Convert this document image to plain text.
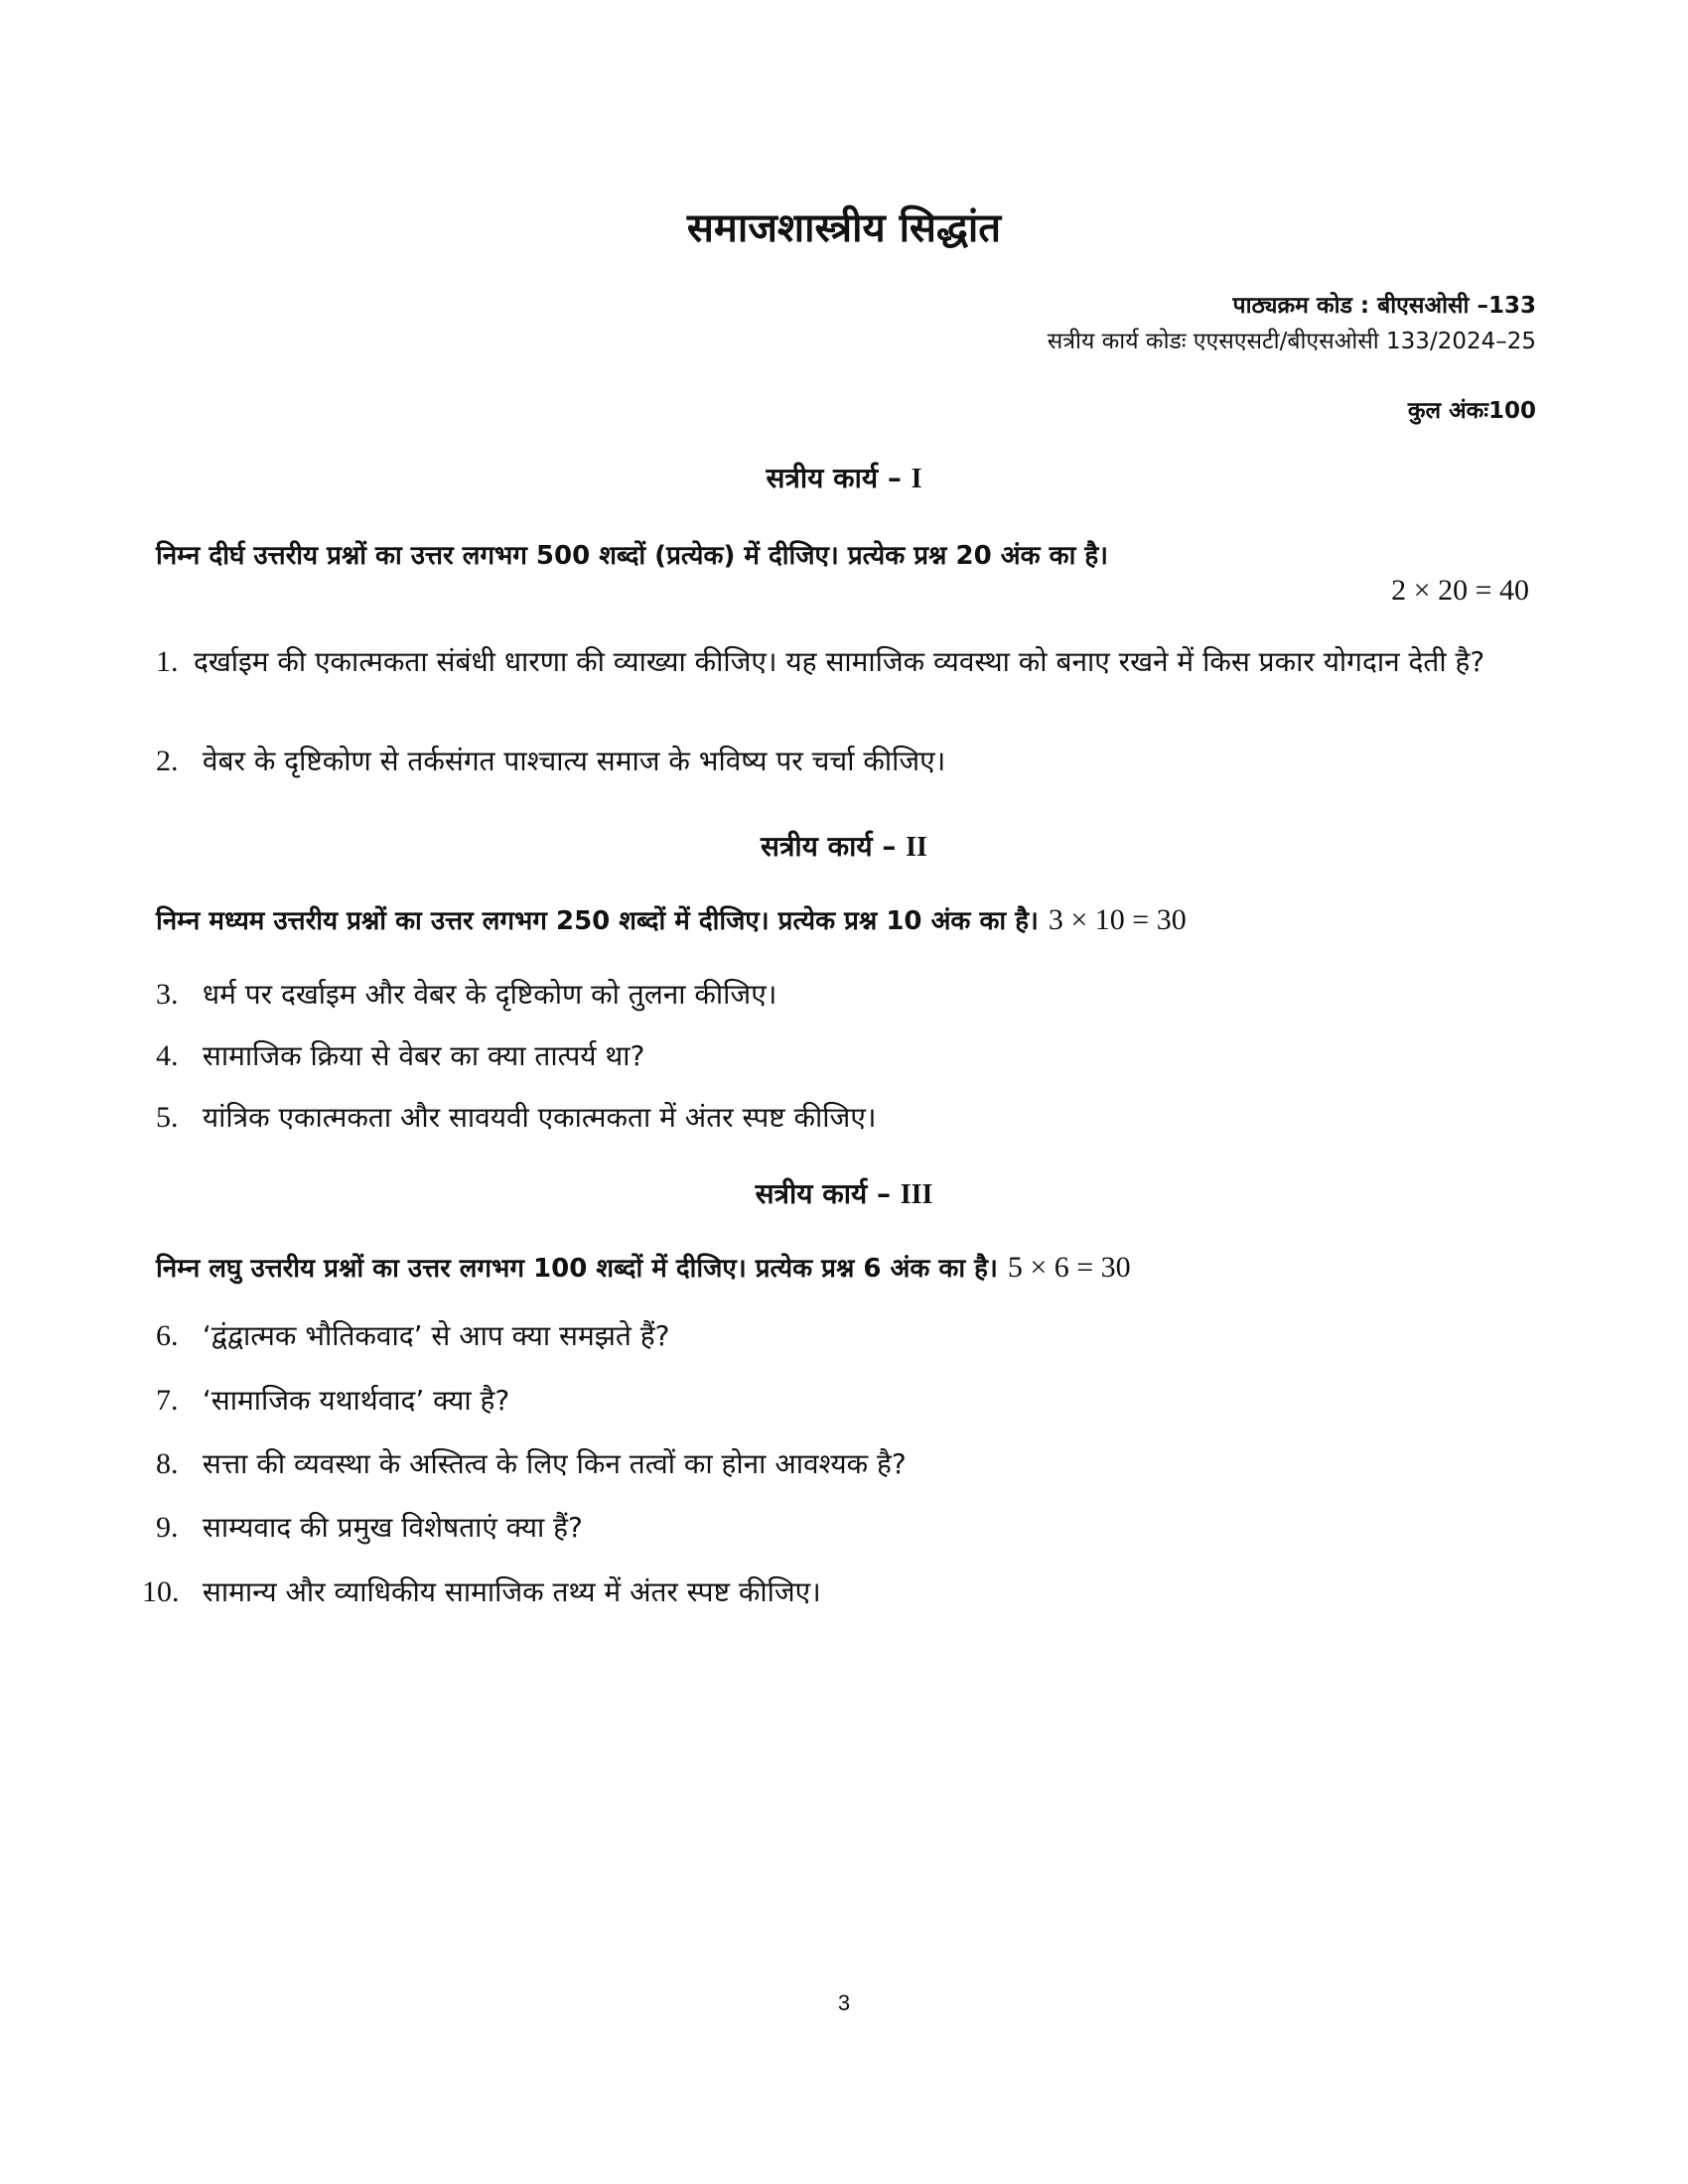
समाजशास्त्रीय सिद्धांत
पाठ्यक्रम कोड : बीएसओसी –133
सत्रीय कार्य कोडः एएसएसटी/बीएसओसी 133/2024–25
कुल अंकः100
सत्रीय कार्य – I
निम्न दीर्घ उत्तरीय प्रश्नों का उत्तर लगभग 500 शब्दों (प्रत्येक) में दीजिए। प्रत्येक प्रश्न 20 अंक का है।
2 × 20 = 40
1. दर्खाइम की एकात्मकता संबंधी धारणा की व्याख्या कीजिए। यह सामाजिक व्यवस्था को बनाए रखने में किस प्रकार योगदान देती है?
2. वेबर के दृष्टिकोण से तर्कसंगत पाश्चात्य समाज के भविष्य पर चर्चा कीजिए।
सत्रीय कार्य – II
निम्न मध्यम उत्तरीय प्रश्नों का उत्तर लगभग 250 शब्दों में दीजिए। प्रत्येक प्रश्न 10 अंक का है। 3 × 10 = 30
3. धर्म पर दर्खाइम और वेबर के दृष्टिकोण को तुलना कीजिए।
4. सामाजिक क्रिया से वेबर का क्या तात्पर्य था?
5. यांत्रिक एकात्मकता और सावयवी एकात्मकता में अंतर स्पष्ट कीजिए।
सत्रीय कार्य – III
निम्न लघु उत्तरीय प्रश्नों का उत्तर लगभग 100 शब्दों में दीजिए। प्रत्येक प्रश्न 6 अंक का है। 5 × 6 = 30
6. ‘द्वंद्वात्मक भौतिकवाद’ से आप क्या समझते हैं?
7. ‘सामाजिक यथार्थवाद’ क्या है?
8. सत्ता की व्यवस्था के अस्तित्व के लिए किन तत्वों का होना आवश्यक है?
9. साम्यवाद की प्रमुख विशेषताएं क्या हैं?
10. सामान्य और व्याधिकीय सामाजिक तथ्य में अंतर स्पष्ट कीजिए।
3
